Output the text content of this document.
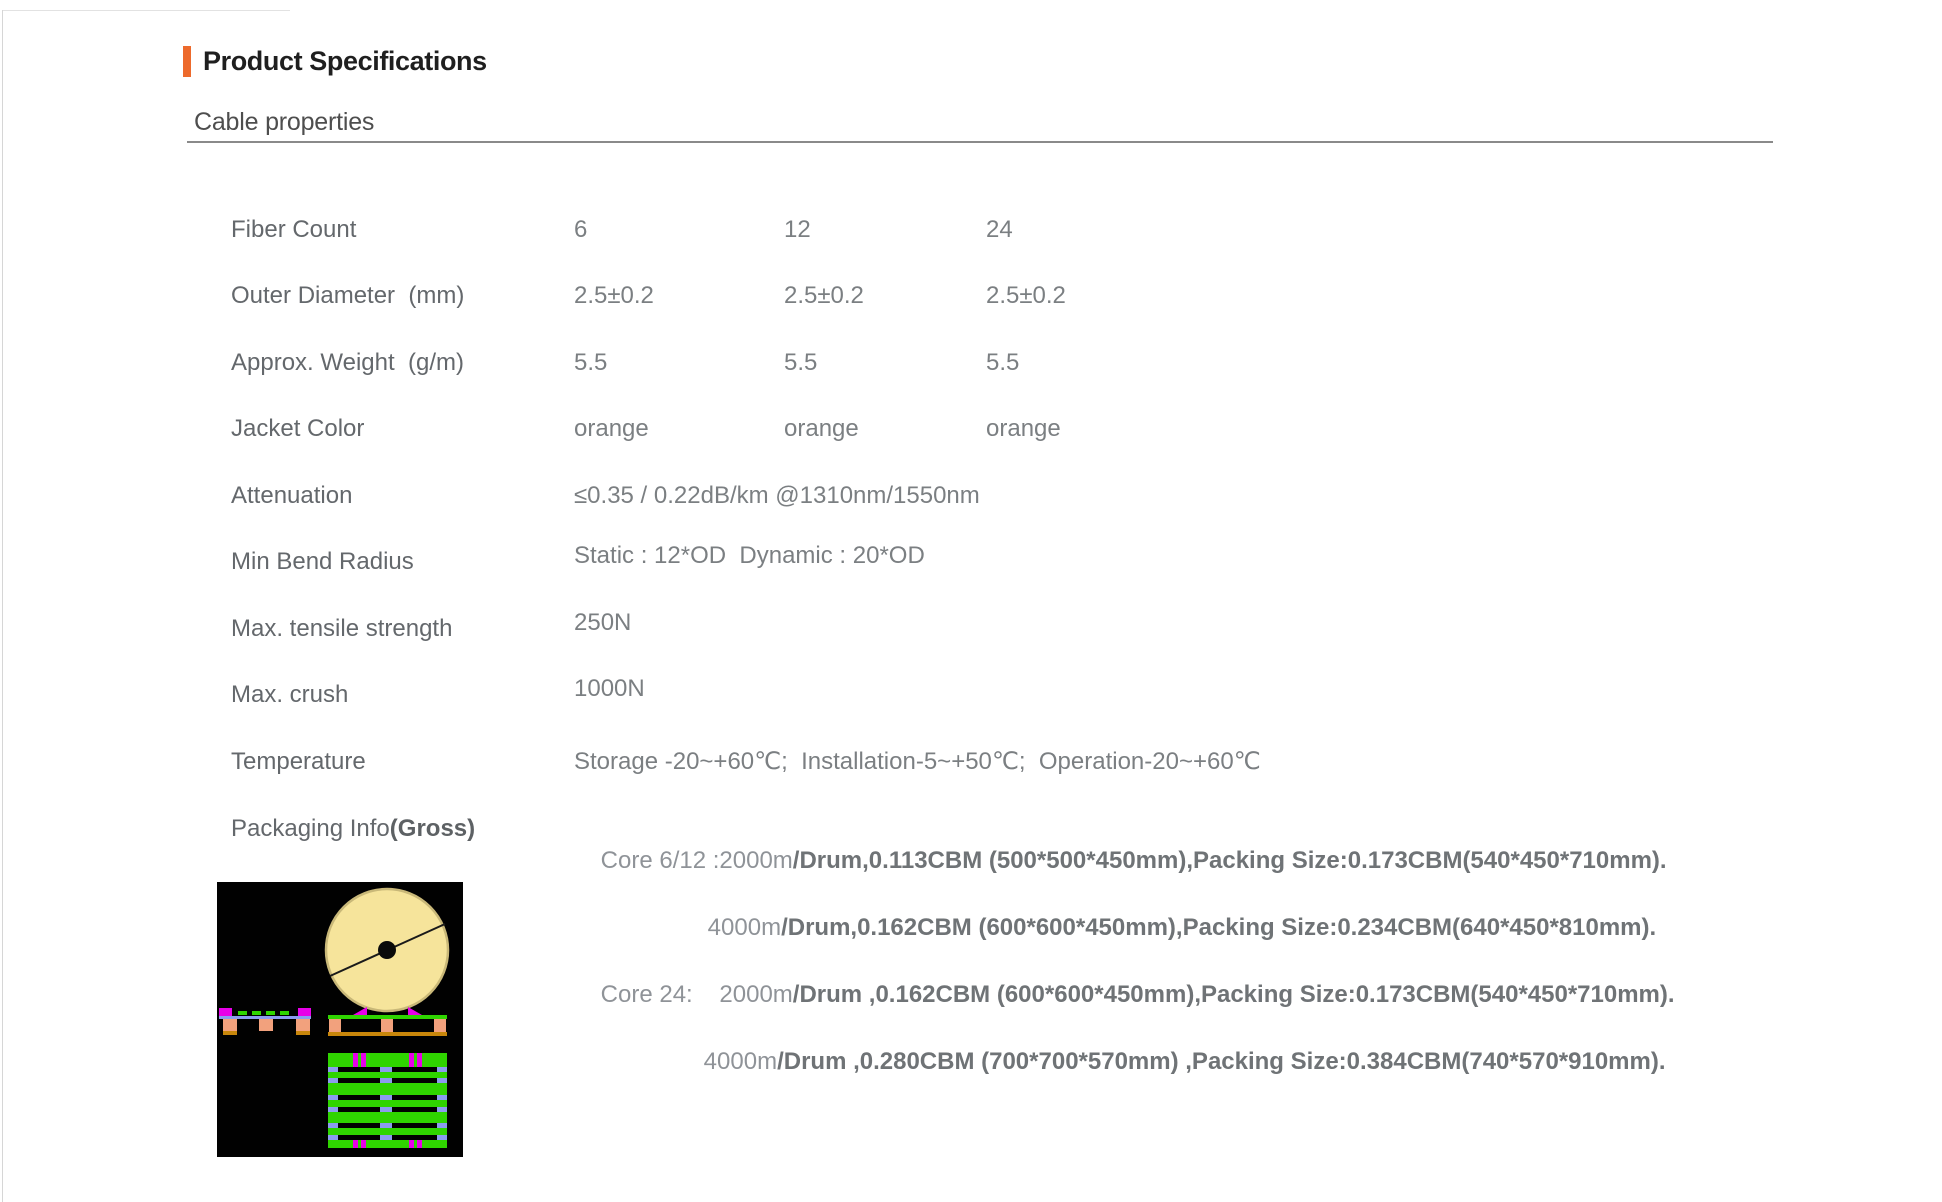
Product Specifications
Cable properties
Fiber Count	6	12	24
Outer Diameter  (mm)	2.5±0.2	2.5±0.2	2.5±0.2
Approx. Weight  (g/m)	5.5	5.5	5.5
Jacket Color	orange	orange	orange
Attenuation	≤0.35 / 0.22dB/km @1310nm/1550nm
Min Bend Radius	Static : 12*OD  Dynamic : 20*OD
Max. tensile strength	250N
Max. crush	1000N
Temperature	Storage -20~+60℃;  Installation-5~+50℃;  Operation-20~+60℃
Packaging Info(Gross)

Core 6/12 :2000m/Drum,0.113CBM (500*500*450mm),Packing Size:0.173CBM(540*450*710mm).

4000m/Drum,0.162CBM (600*600*450mm),Packing Size:0.234CBM(640*450*810mm).

Core 24:    2000m/Drum ,0.162CBM (600*600*450mm),Packing Size:0.173CBM(540*450*710mm).

4000m/Drum ,0.280CBM (700*700*570mm) ,Packing Size:0.384CBM(740*570*910mm).
